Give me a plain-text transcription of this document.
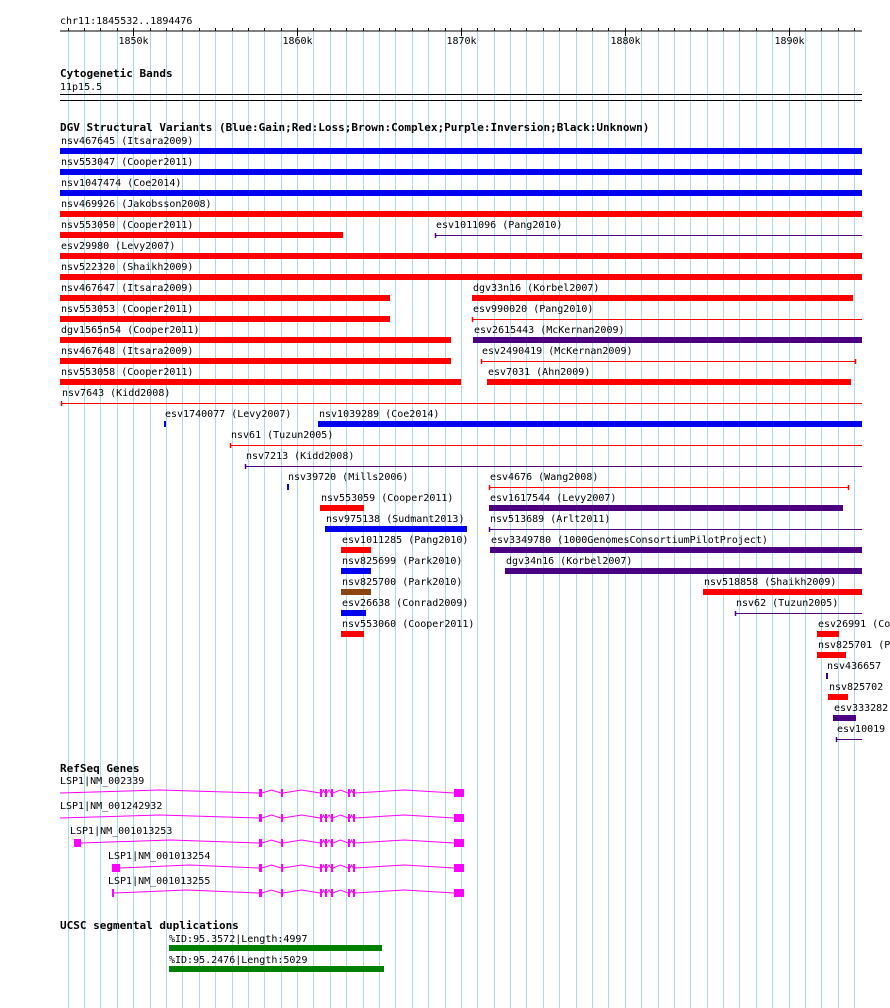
chr11:1845532..1894476
1850k	1860k	1870k	1880k	1890k
Cytogenetic Bands
11p15.5
DGV Structural Variants (Blue:Gain;Red:Loss;Brown:Complex;Purple:Inversion;Black:Unknown)
nsv467645 (Itsara2009)
nsv553047 (Cooper2011)
nsv1047474 (Coe2014)
nsv469926 (Jakobsson2008)
nsv553050 (Cooper2011)	esv1011096 (Pang2010)
esv29980 (Levy2007)
nsv522320 (Shaikh2009)
nsv467647 (Itsara2009)	dgv33n16 (Korbel2007)
nsv553053 (Cooper2011)	esv990020 (Pang2010)
dgv1565n54 (Cooper2011)	esv2615443 (McKernan2009)
nsv467648 (Itsara2009)	esv2490419 (McKernan2009)
nsv553058 (Cooper2011)	esv7031 (Ahn2009)
nsv7643 (Kidd2008)
esv1740077 (Levy2007)	nsv1039289 (Coe2014)
nsv61 (Tuzun2005)
nsv7213 (Kidd2008)
nsv39720 (Mills2006)	esv4676 (Wang2008)
nsv553059 (Cooper2011)	esv1617544 (Levy2007)
nsv975138 (Sudmant2013)	nsv513689 (Arlt2011)
esv1011285 (Pang2010) esv3349780 (1000GenomesConsortiumPilotProject)
nsv825699 (Park2010)	dgv34n16 (Korbel2007)
nsv825700 (Park2010)	nsv518858 (Shaikh2009)
esv26638 (Conrad2009)	nsv62 (Tuzun2005)
nsv553060 (Cooper2011)	esv26991 (Co
nsv825701 (P
nsv436657
nsv825702
esv333282
esv10019
RefSeq Genes
LSP1|NM_002339
LSP1|NM_001242932
LSP1|NM_001013253
LSP1|NM_001013254
LSP1|NM_001013255
UCSC segmental duplications
%ID:95.3572|Length:4997
%ID:95.2476|Length:5029
